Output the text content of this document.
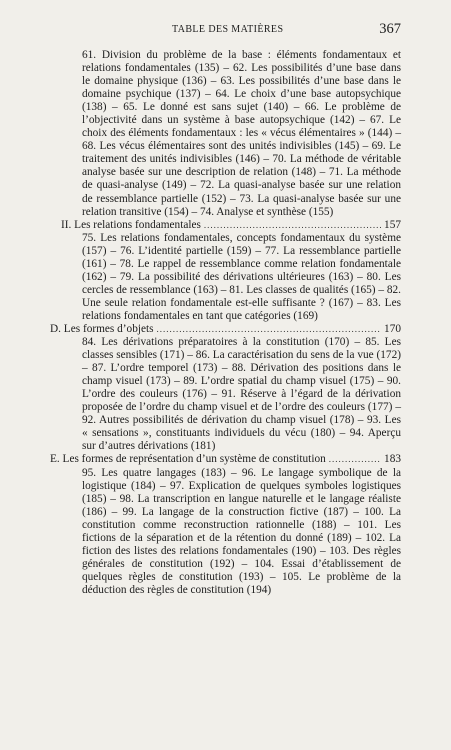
TABLE DES MATIÈRES	367
61. Division du problème de la base : éléments fondamentaux et relations fondamentales (135) – 62. Les possibilités d’une base dans le domaine physique (136) – 63. Les possibilités d’une base dans le domaine psychique (137) – 64. Le choix d’une base autopsychique (138) – 65. Le donné est sans sujet (140) – 66. Le problème de l’objectivité dans un système à base autopsychique (142) – 67. Le choix des éléments fondamentaux : les « vécus élémentaires » (144) – 68. Les vécus élémentaires sont des unités indivisibles (145) – 69. Le traitement des unités indivisibles (146) – 70. La méthode de véritable analyse basée sur une description de relation (148) – 71. La méthode de quasi-analyse (149) – 72. La quasi-analyse basée sur une relation de ressemblance partielle (152) – 73. La quasi-analyse basée sur une relation transitive (154) – 74. Analyse et synthèse (155)
II. Les relations fondamentales .....	157
75. Les relations fondamentales, concepts fondamentaux du système (157) – 76. L’identité partielle (159) – 77. La ressemblance partielle (161) – 78. Le rappel de ressemblance comme relation fondamentale (162) – 79. La possibilité des dérivations ultérieures (163) – 80. Les cercles de ressemblance (163) – 81. Les classes de qualités (165) – 82. Une seule relation fondamentale est-elle suffisante ? (167) – 83. Les relations fondamentales en tant que catégories (169)
D. Les formes d’objets .....	170
84. Les dérivations préparatoires à la constitution (170) – 85. Les classes sensibles (171) – 86. La caractérisation du sens de la vue (172) – 87. L’ordre temporel (173) – 88. Dérivation des positions dans le champ visuel (173) – 89. L’ordre spatial du champ visuel (175) – 90. L’ordre des couleurs (176) – 91. Réserve à l’égard de la dérivation proposée de l’ordre du champ visuel et de l’ordre des couleurs (177) – 92. Autres possibilités de dérivation du champ visuel (178) – 93. Les « sensations », constituants individuels du vécu (180) – 94. Aperçu sur d’autres dérivations (181)
E. Les formes de représentation d’un système de constitution .....	183
95. Les quatre langages (183) – 96. Le langage symbolique de la logistique (184) – 97. Explication de quelques symboles logistiques (185) – 98. La transcription en langue naturelle et le langage réaliste (186) – 99. La langage de la construction fictive (187) – 100. La constitution comme reconstruction rationnelle (188) – 101. Les fictions de la séparation et de la rétention du donné (189) – 102. La fiction des listes des relations fondamentales (190) – 103. Des règles générales de constitution (192) – 104. Essai d’établissement de quelques règles de constitution (193) – 105. Le problème de la déduction des règles de constitution (194)
